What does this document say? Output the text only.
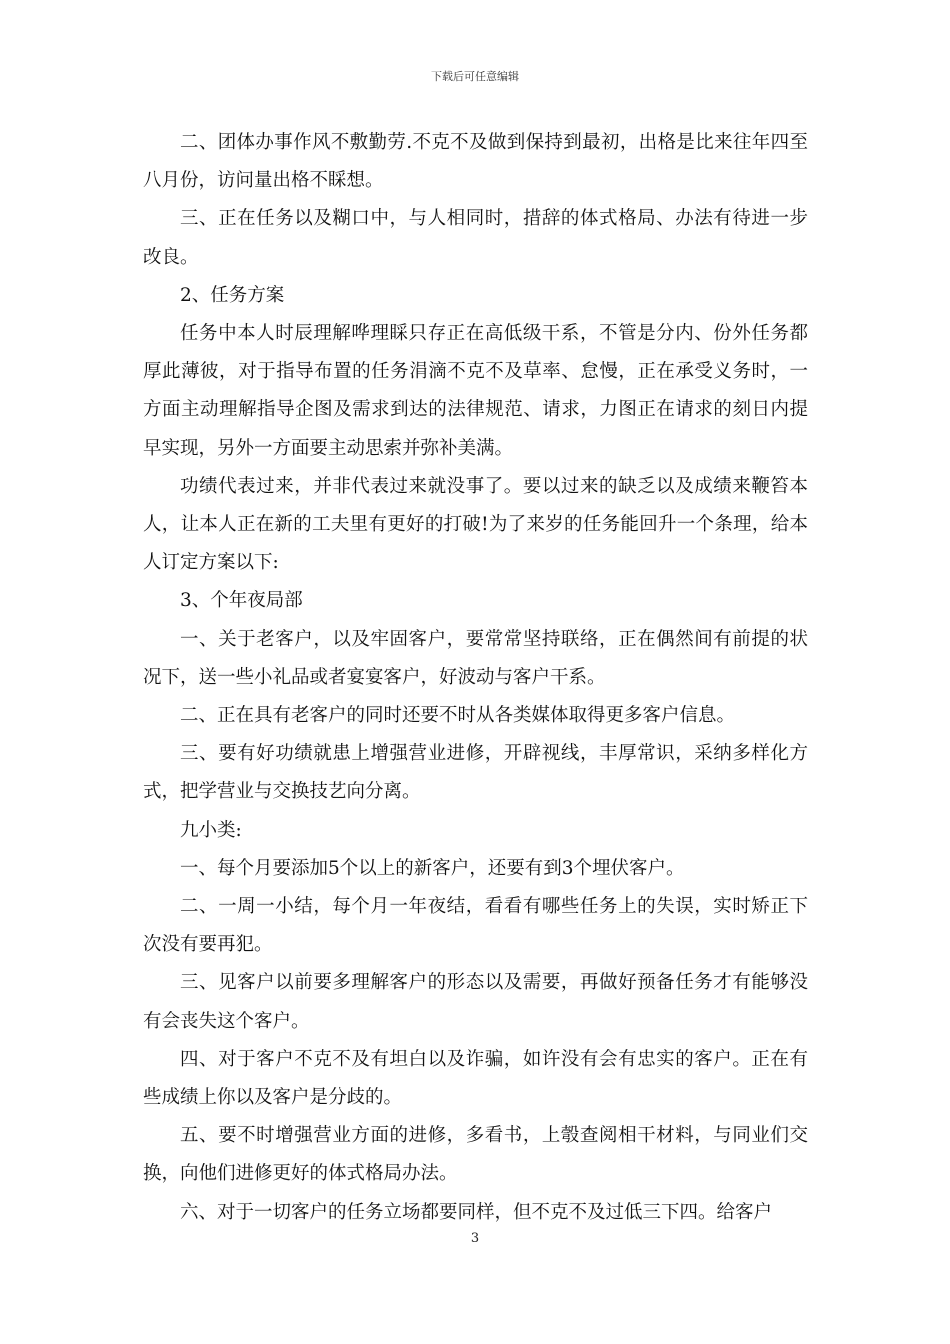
下载后可任意编辑

二、团体办事作风不敷勤劳.不克不及做到保持到最初，出格是比来往年四至八月份，访问量出格不睬想。

三、正在任务以及糊口中，与人相同时，措辞的体式格局、办法有待进一步改良。

2、任务方案

任务中本人时辰理解哗理睬只存正在高低级干系，不管是分内、份外任务都厚此薄彼，对于指导布置的任务涓滴不克不及草率、怠慢，正在承受义务时，一方面主动理解指导企图及需求到达的法律规范、请求，力图正在请求的刻日内提早实现，另外一方面要主动思索并弥补美满。

功绩代表过来，并非代表过来就没事了。要以过来的缺乏以及成绩来鞭笞本人，让本人正在新的工夫里有更好的打破!为了来岁的任务能回升一个条理，给本人订定方案以下:

3、个年夜局部

一、关于老客户，以及牢固客户，要常常坚持联络，正在偶然间有前提的状况下，送一些小礼品或者宴宴客户，好波动与客户干系。

二、正在具有老客户的同时还要不时从各类媒体取得更多客户信息。

三、要有好功绩就患上增强营业进修，开辟视线，丰厚常识，采纳多样化方式，把学营业与交换技艺向分离。

九小类:

一、每个月要添加5个以上的新客户，还要有到3个埋伏客户。

二、一周一小结，每个月一年夜结，看看有哪些任务上的失误，实时矫正下次没有要再犯。

三、见客户以前要多理解客户的形态以及需要，再做好预备任务才有能够没有会丧失这个客户。

四、对于客户不克不及有坦白以及诈骗，如许没有会有忠实的客户。正在有些成绩上你以及客户是分歧的。

五、要不时增强营业方面的进修，多看书，上彀查阅相干材料，与同业们交换，向他们进修更好的体式格局办法。

六、对于一切客户的任务立场都要同样，但不克不及过低三下四。给客户

3
